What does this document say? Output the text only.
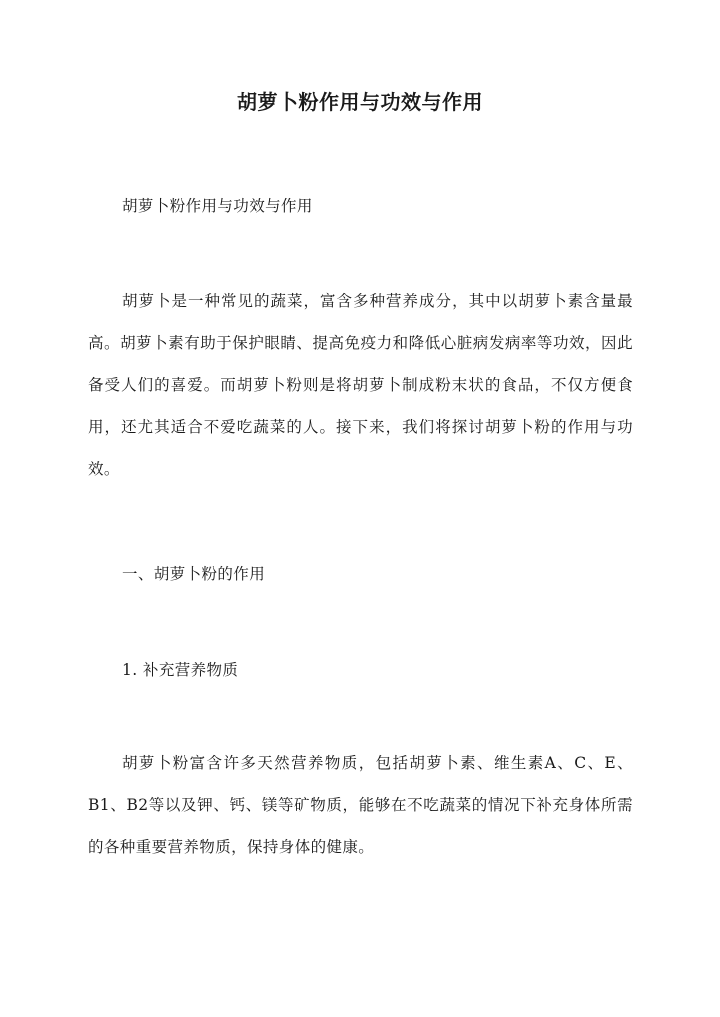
胡萝卜粉作用与功效与作用

胡萝卜粉作用与功效与作用

胡萝卜是一种常见的蔬菜，富含多种营养成分，其中以胡萝卜素含量最高。胡萝卜素有助于保护眼睛、提高免疫力和降低心脏病发病率等功效，因此备受人们的喜爱。而胡萝卜粉则是将胡萝卜制成粉末状的食品，不仅方便食用，还尤其适合不爱吃蔬菜的人。接下来，我们将探讨胡萝卜粉的作用与功效。

一、胡萝卜粉的作用

1. 补充营养物质

胡萝卜粉富含许多天然营养物质，包括胡萝卜素、维生素A、C、E、B1、B2等以及钾、钙、镁等矿物质，能够在不吃蔬菜的情况下补充身体所需的各种重要营养物质，保持身体的健康。
